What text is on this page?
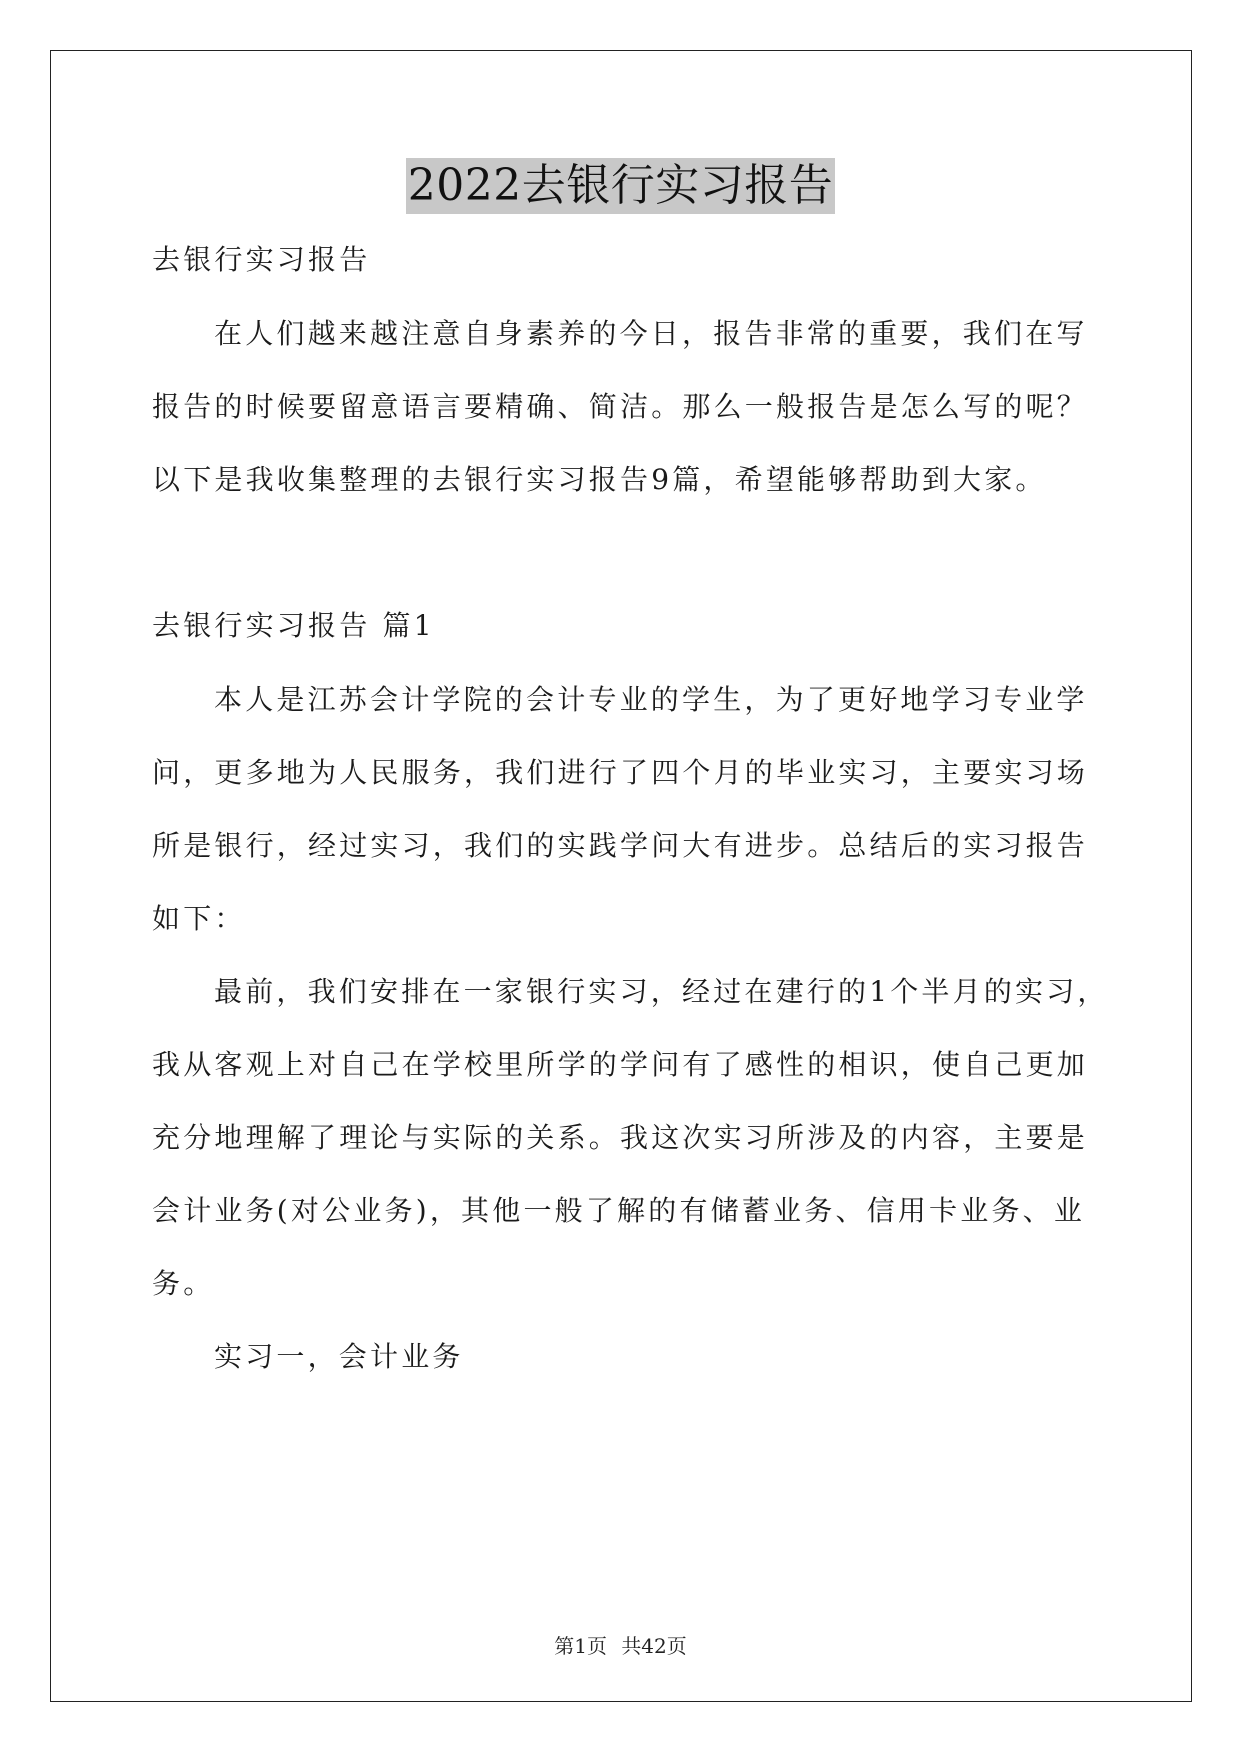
2022去银行实习报告
去银行实习报告
在人们越来越注意自身素养的今日，报告非常的重要，我们在写
报告的时候要留意语言要精确、简洁。那么一般报告是怎么写的呢？
以下是我收集整理的去银行实习报告9篇，希望能够帮助到大家。
去银行实习报告 篇1
本人是江苏会计学院的会计专业的学生，为了更好地学习专业学
问，更多地为人民服务，我们进行了四个月的毕业实习，主要实习场
所是银行，经过实习，我们的实践学问大有进步。总结后的实习报告
如下：
最前，我们安排在一家银行实习，经过在建行的1个半月的实习，
我从客观上对自己在学校里所学的学问有了感性的相识，使自己更加
充分地理解了理论与实际的关系。我这次实习所涉及的内容，主要是
会计业务(对公业务)，其他一般了解的有储蓄业务、信用卡业务、业
务。
实习一，会计业务
第1页 共42页
